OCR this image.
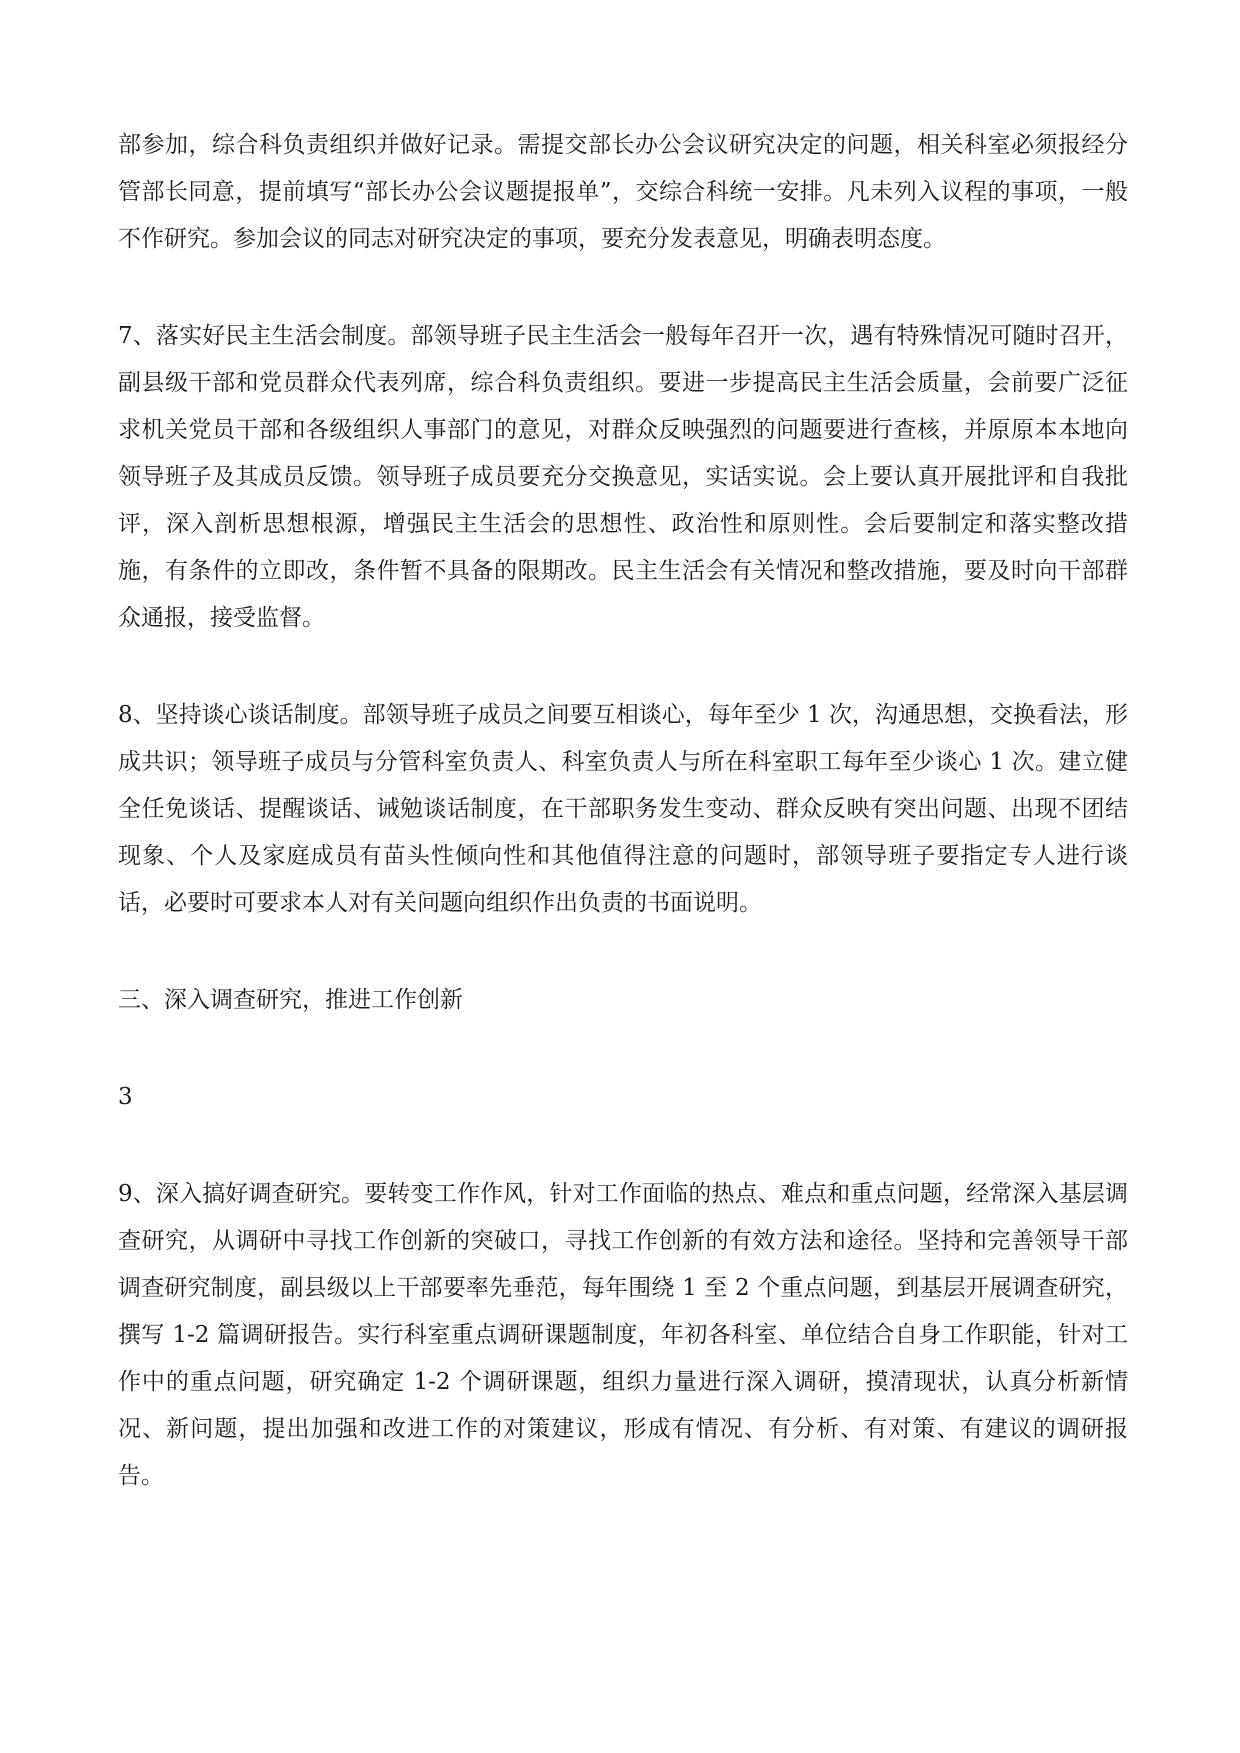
部参加，综合科负责组织并做好记录。需提交部长办公会议研究决定的问题，相关科室必须报经分管部长同意，提前填写“部长办公会议题提报单”，交综合科统一安排。凡未列入议程的事项，一般不作研究。参加会议的同志对研究决定的事项，要充分发表意见，明确表明态度。

7、落实好民主生活会制度。部领导班子民主生活会一般每年召开一次，遇有特殊情况可随时召开，副县级干部和党员群众代表列席，综合科负责组织。要进一步提高民主生活会质量，会前要广泛征求机关党员干部和各级组织人事部门的意见，对群众反映强烈的问题要进行查核，并原原本本地向领导班子及其成员反馈。领导班子成员要充分交换意见，实话实说。会上要认真开展批评和自我批评，深入剖析思想根源，增强民主生活会的思想性、政治性和原则性。会后要制定和落实整改措施，有条件的立即改，条件暂不具备的限期改。民主生活会有关情况和整改措施，要及时向干部群众通报，接受监督。

8、坚持谈心谈话制度。部领导班子成员之间要互相谈心，每年至少 1 次，沟通思想，交换看法，形成共识；领导班子成员与分管科室负责人、科室负责人与所在科室职工每年至少谈心 1 次。建立健全任免谈话、提醒谈话、诫勉谈话制度，在干部职务发生变动、群众反映有突出问题、出现不团结现象、个人及家庭成员有苗头性倾向性和其他值得注意的问题时，部领导班子要指定专人进行谈话，必要时可要求本人对有关问题向组织作出负责的书面说明。

三、深入调查研究，推进工作创新

3

9、深入搞好调查研究。要转变工作作风，针对工作面临的热点、难点和重点问题，经常深入基层调查研究，从调研中寻找工作创新的突破口，寻找工作创新的有效方法和途径。坚持和完善领导干部调查研究制度，副县级以上干部要率先垂范，每年围绕 1 至 2 个重点问题，到基层开展调查研究，撰写 1-2 篇调研报告。实行科室重点调研课题制度，年初各科室、单位结合自身工作职能，针对工作中的重点问题，研究确定 1-2 个调研课题，组织力量进行深入调研，摸清现状，认真分析新情况、新问题，提出加强和改进工作的对策建议，形成有情况、有分析、有对策、有建议的调研报告。
